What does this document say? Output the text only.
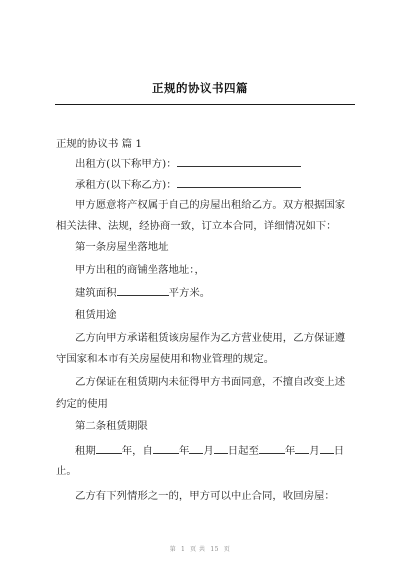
正规的协议书四篇
正规的协议书 篇 1
出租方(以下称甲方)：
承租方(以下称乙方)：
甲方愿意将产权属于自己的房屋出租给乙方。双方根据国家
相关法律、法规，经协商一致，订立本合同，详细情况如下：
第一条房屋坐落地址
甲方出租的商铺坐落地址：，
建筑面积	平方米。
租赁用途
乙方向甲方承诺租赁该房屋作为乙方营业使用，乙方保证遵
守国家和本市有关房屋使用和物业管理的规定。
乙方保证在租赁期内未征得甲方书面同意，不擅自改变上述
约定的使用
第二条租赁期限
租期	年，自	年 月 日起至	年 月 日
止。
乙方有下列情形之一的，甲方可以中止合同，收回房屋：
第  1  页 共  15  页
